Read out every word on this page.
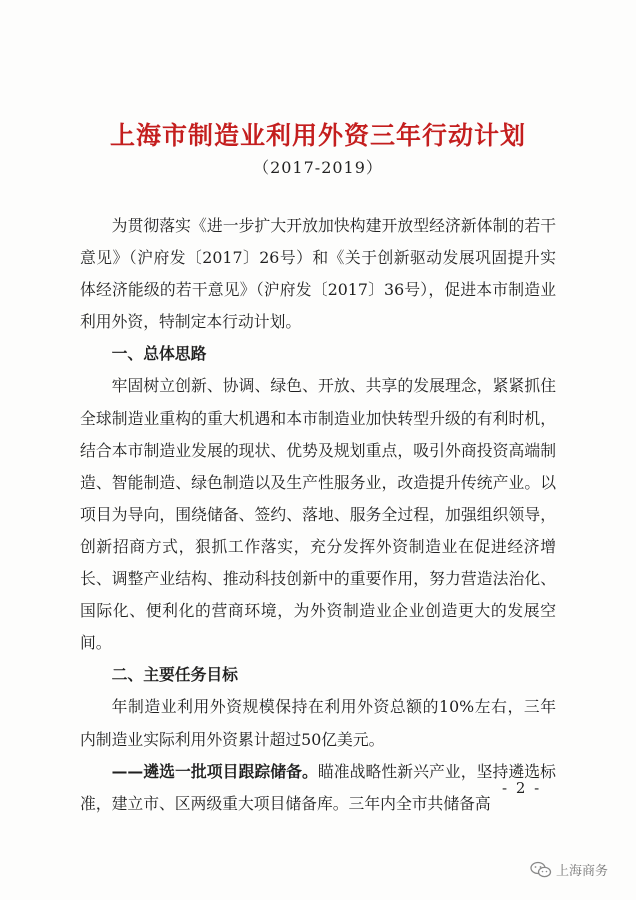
上海市制造业利用外资三年行动计划
（2017-2019）

为贯彻落实《进一步扩大开放加快构建开放型经济新体制的若干意见》（沪府发〔2017〕26号）和《关于创新驱动发展巩固提升实体经济能级的若干意见》（沪府发〔2017〕36号），促进本市制造业利用外资，特制定本行动计划。

一、总体思路

牢固树立创新、协调、绿色、开放、共享的发展理念，紧紧抓住全球制造业重构的重大机遇和本市制造业加快转型升级的有利时机，结合本市制造业发展的现状、优势及规划重点，吸引外商投资高端制造、智能制造、绿色制造以及生产性服务业，改造提升传统产业。以项目为导向，围绕储备、签约、落地、服务全过程，加强组织领导，创新招商方式，狠抓工作落实，充分发挥外资制造业在促进经济增长、调整产业结构、推动科技创新中的重要作用，努力营造法治化、国际化、便利化的营商环境，为外资制造业企业创造更大的发展空间。

二、主要任务目标

年制造业利用外资规模保持在利用外资总额的10%左右，三年内制造业实际利用外资累计超过50亿美元。

——遴选一批项目跟踪储备。瞄准战略性新兴产业，坚持遴选标准，建立市、区两级重大项目储备库。三年内全市共储备高

- 2 -
上海商务
